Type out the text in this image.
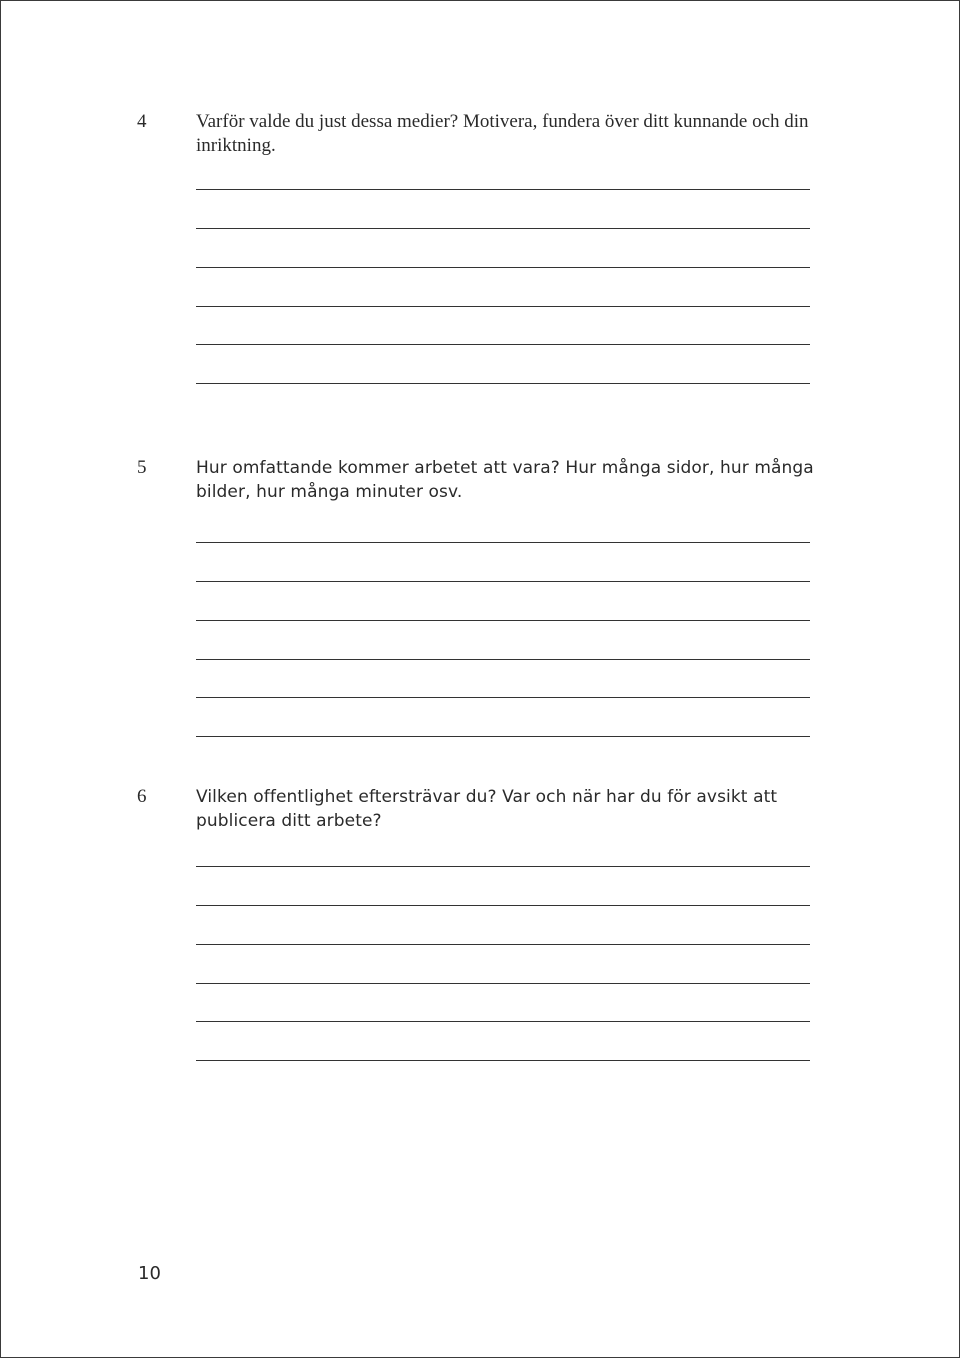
4	Varför valde du just dessa medier? Motivera, fundera över ditt kunnande och din inriktning.
5	Hur omfattande kommer arbetet att vara? Hur många sidor, hur många bilder, hur många minuter osv.
6	Vilken offentlighet eftersträvar du? Var och när har du för avsikt att publicera ditt arbete?
10
